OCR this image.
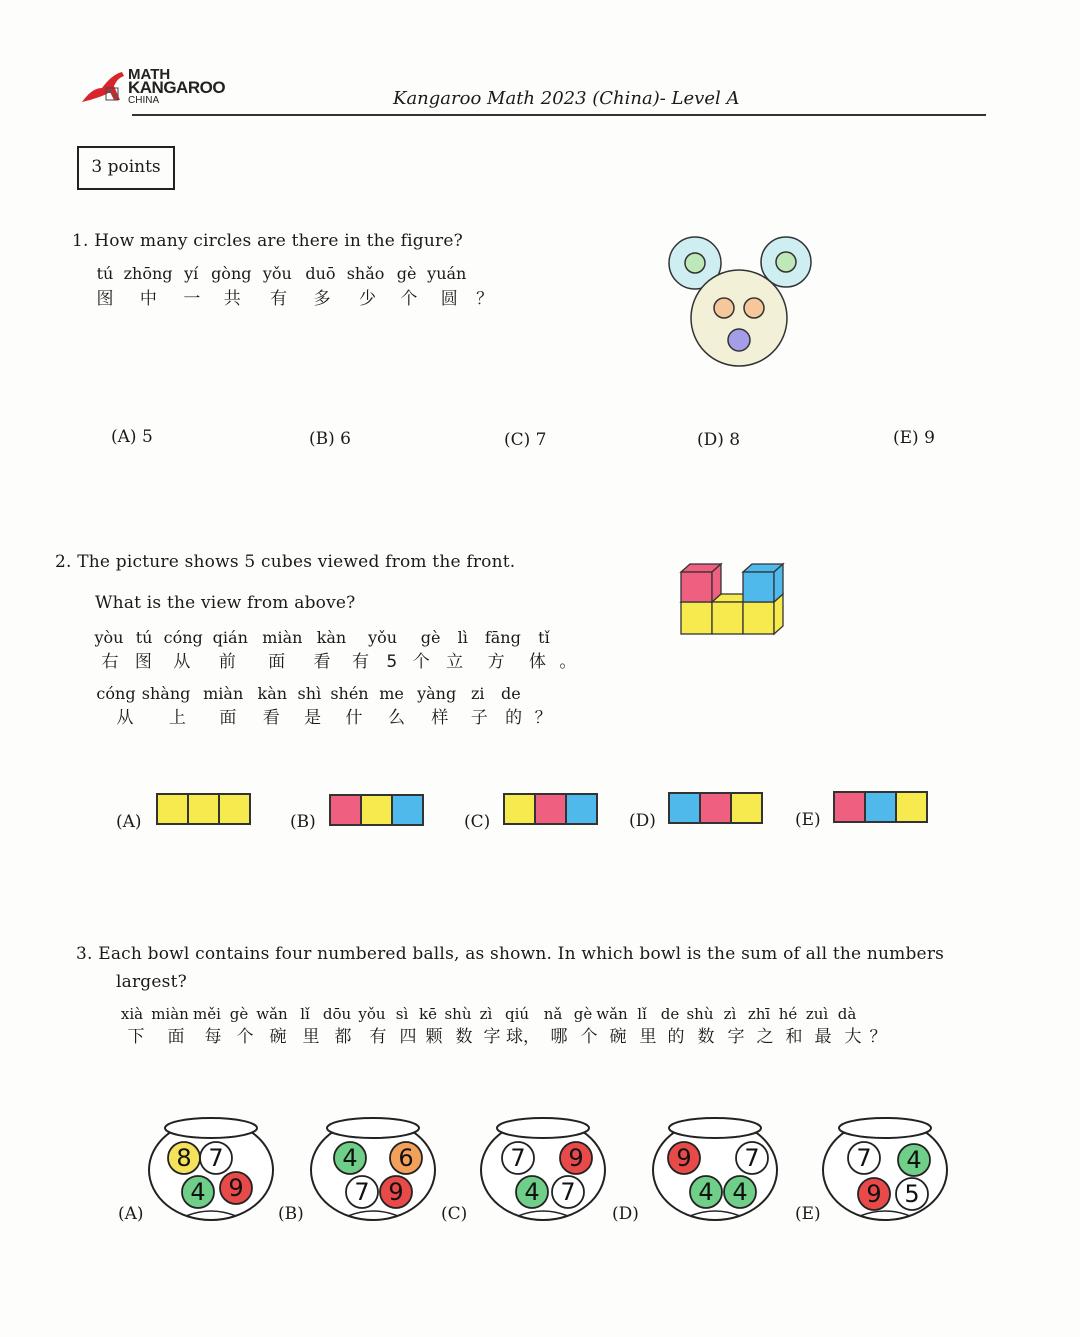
MATH
KANGAROO
CHINA	Kangaroo Math 2023 (China)- Level A
3 points
1. How many circles are there in the figure?
tú zhōng yí gòng yǒu duō shǎo gè yuán
图 中 一 共 有 多 少 个 圆 ？
(A) 5	(B) 6	(C) 7	(D) 8	(E) 9
2. The picture shows 5 cubes viewed from the front.
What is the view from above?
yòu tú cóng qián miàn kàn yǒu gè lì fāng tǐ
右 图 从 前 面 看 有 5 个 立 方 体 。
cóng shàng miàn kàn shì shén me yàng zi de
从 上 面 看 是 什 么 样 子 的 ？
(A)	(B)	(C)	(D)	(E)
3. Each bowl contains four numbered balls, as shown. In which bowl is the sum of all the numbers
largest?
xià miàn měi gè wǎn lǐ dōu yǒu sì kē shù zì qiú nǎ gè wǎn lǐ de shù zì zhī hé zuì dà
下 面 每 个 碗 里 都 有 四 颗 数 字 球， 哪 个 碗 里 的 数 字 之 和 最 大 ？
(A)
8 7
4 9
(B)
4 6
7 9
(C)
7 9
4 7
(D)
9 7
4 4
(E)
7 4
9 5
